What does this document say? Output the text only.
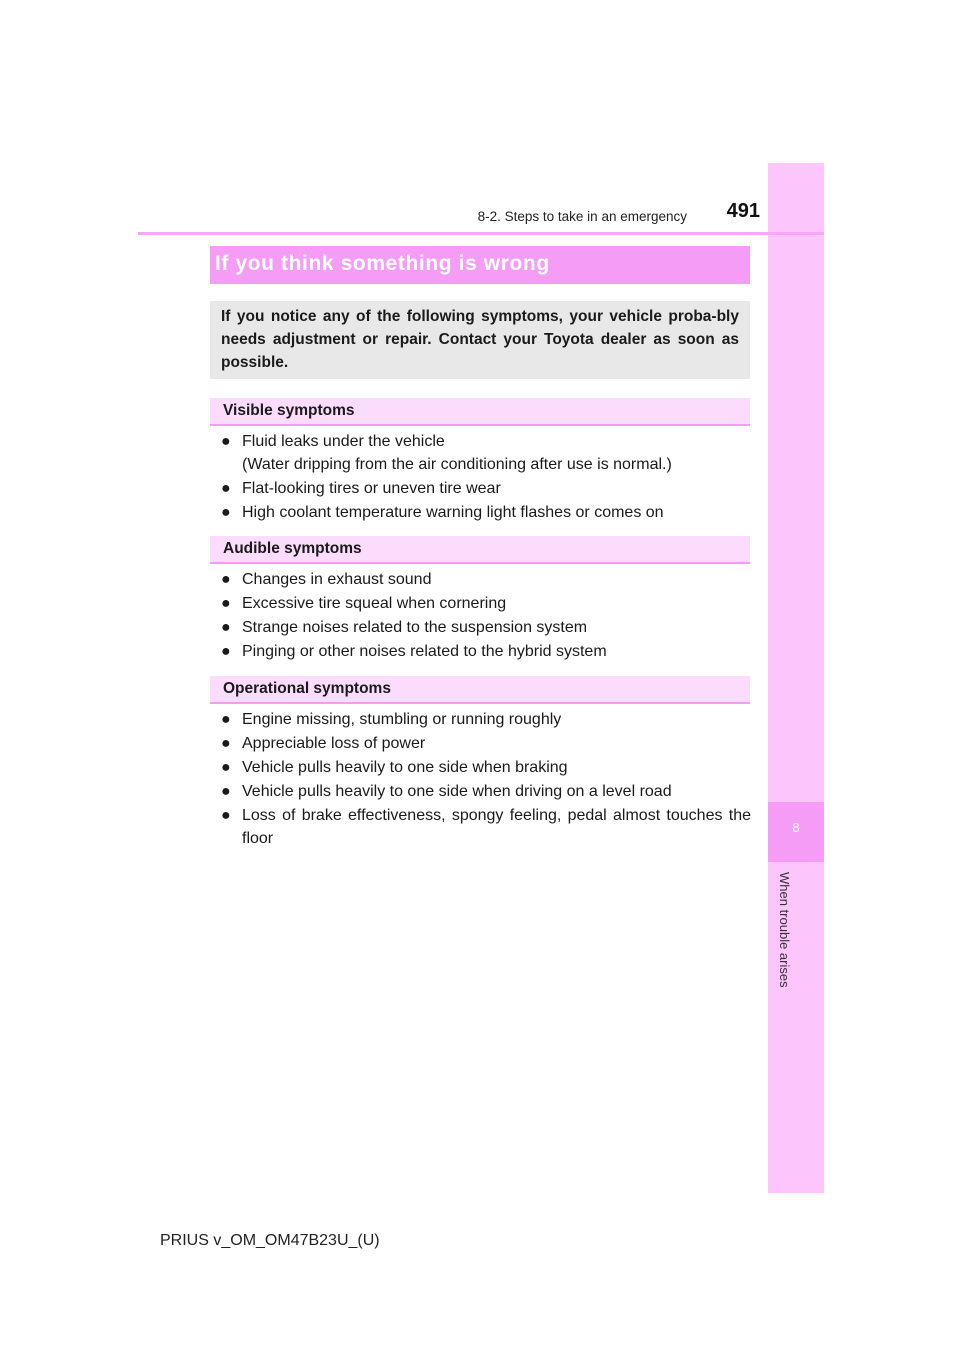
8
When trouble arises
8-2. Steps to take in an emergency	491
If you think something is wrong
If you notice any of the following symptoms, your vehicle proba-bly needs adjustment or repair. Contact your Toyota dealer as soon as possible.
Visible symptoms
● Fluid leaks under the vehicle
(Water dripping from the air conditioning after use is normal.)
● Flat-looking tires or uneven tire wear
● High coolant temperature warning light flashes or comes on
Audible symptoms
● Changes in exhaust sound
● Excessive tire squeal when cornering
● Strange noises related to the suspension system
● Pinging or other noises related to the hybrid system
Operational symptoms
● Engine missing, stumbling or running roughly
● Appreciable loss of power
● Vehicle pulls heavily to one side when braking
● Vehicle pulls heavily to one side when driving on a level road
● Loss of brake effectiveness, spongy feeling, pedal almost touches the floor
PRIUS v_OM_OM47B23U_(U)
